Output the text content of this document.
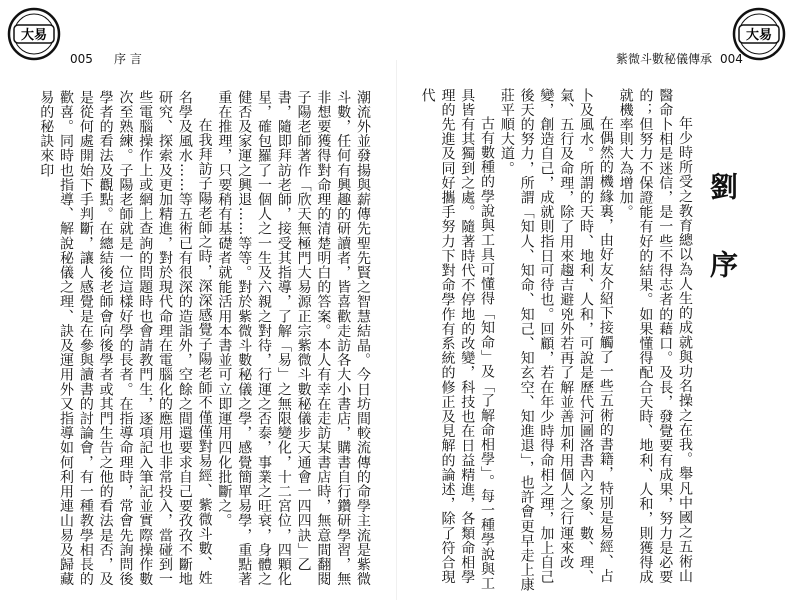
大易	大易
005 序 言	紫微斗數秘儀傳承 004
劉 序

年少時所受之教育總以為人生的成就與功名操之在我。舉凡中國之五術山醫命卜相是迷信，是一些不得志者的藉口。及長，發覺要有成果，努力是必要的；但努力不保證能有好的結果。如果懂得配合天時、地利、人和，則獲得成就機率則大為增加。

在偶然的機緣裏，由好友介紹下接觸了一些五術的書籍，特別是易經、占卜及風水。所謂的天時、地利、人和，可說是歷代河圖洛書內之象、數、理、氣、五行及命理，除了用來趨吉避兇外若再了解並善加利用個人之行運來改變，創造自己，成就則指日可待也。回顧，若在年少時得命相之理，加上自己後天的努力，所謂「知人、知命、知己、知玄空、知進退」，也許會更早走上康莊平順大道。

古有數種的學說與工具可懂得「知命」及「了解命相學」。每一種學說與工具皆有其獨到之處。隨著時代不停地的改變，科技也在日益精進，各類命相學理的先進及同好攜手努力下對命學作有系統的修正及見解的論述，除了符合現代

潮流外並發揚與薪傳先聖先賢之智慧結晶。今日坊間較流傳的命學主流是紫微斗數，任何有興趣的研讀者，皆喜歡走訪各大小書店，購書自行鑽研學習，無非想要獲得對命理的清楚明白的答案。本人有幸在走訪某書店時，無意間翻閱子陽老師著作「欣天無極門大易源正宗紫微斗數秘儀步天通會一四四訣」乙書，隨即拜訪老師，接受其指導，了解「易」之無限變化，十二宮位，四顆化星，確包羅了一個人之一生及六親之對待，行運之否泰，事業之旺衰，身體之健否及家運之興退……等等。對於紫微斗數秘儀之學，感覺簡單易學，重點著重在推理，只要稍有基礎者就能活用本書並可立即運用四化批斷之。

在我拜訪子陽老師之時，深深感覺子陽老師不僅僅對易經、紫微斗數、姓名學及風水……等五術已有很深的造詣外，空餘之間還要求自己要孜孜不斷地研究、探索及更加精進，對於現代命理在電腦化的應用也非常投入，當碰到一些電腦操作上或網上查詢的問題時也會請教門生，逐項記入筆記並實際操作數次至熟練。子陽老師就是一位這樣好學的長者。在指導命理時，常會先詢問後學者的看法及觀點。在總結後老師會向後學者或其門生告之他的看法是否，及是從何處開始下手判斷，讓人感覺是在參與讀書的討論會，有一種教學相長的歡喜。同時也指導、解說秘儀之理、訣及運用外又指導如何利用連山易及歸藏易的秘訣來印
